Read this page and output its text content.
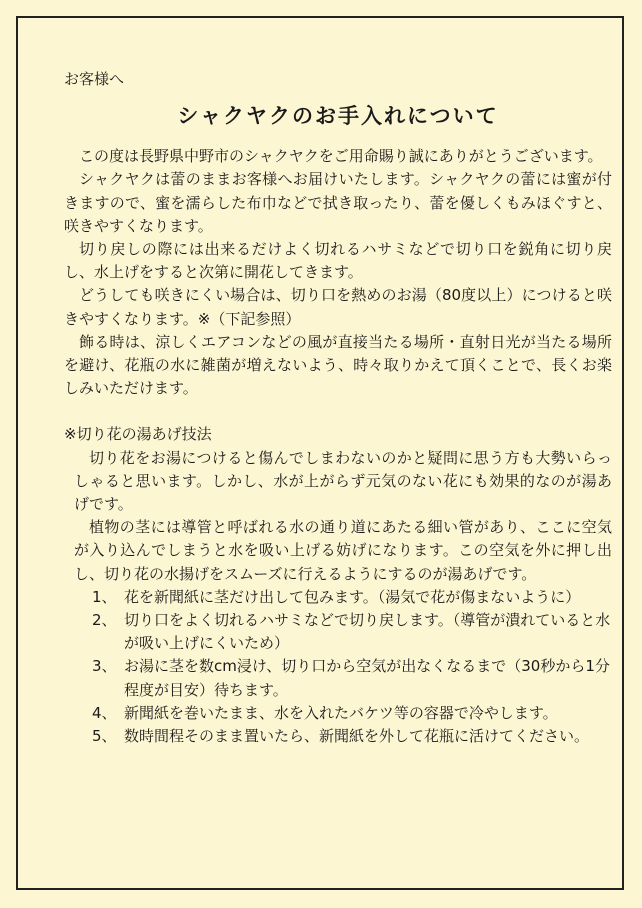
お客様へ

シャクヤクのお手入れについて

この度は長野県中野市のシャクヤクをご用命賜り誠にありがとうございます。

シャクヤクは蕾のままお客様へお届けいたします。シャクヤクの蕾には蜜が付きますので、蜜を濡らした布巾などで拭き取ったり、蕾を優しくもみほぐすと、咲きやすくなります。

切り戻しの際には出来るだけよく切れるハサミなどで切り口を鋭角に切り戻し、水上げをすると次第に開花してきます。

どうしても咲きにくい場合は、切り口を熱めのお湯（80度以上）につけると咲きやすくなります。※（下記参照）

飾る時は、涼しくエアコンなどの風が直接当たる場所・直射日光が当たる場所を避け、花瓶の水に雑菌が増えないよう、時々取りかえて頂くことで、長くお楽しみいただけます。

※切り花の湯あげ技法

切り花をお湯につけると傷んでしまわないのかと疑問に思う方も大勢いらっしゃると思います。しかし、水が上がらず元気のない花にも効果的なのが湯あげです。

植物の茎には導管と呼ばれる水の通り道にあたる細い管があり、ここに空気が入り込んでしまうと水を吸い上げる妨げになります。この空気を外に押し出し、切り花の水揚げをスムーズに行えるようにするのが湯あげです。

1、 花を新聞紙に茎だけ出して包みます。（湯気で花が傷まないように）
2、 切り口をよく切れるハサミなどで切り戻します。（導管が潰れていると水が吸い上げにくいため）
3、 お湯に茎を数cm浸け、切り口から空気が出なくなるまで（30秒から1分程度が目安）待ちます。
4、 新聞紙を巻いたまま、水を入れたバケツ等の容器で冷やします。
5、 数時間程そのまま置いたら、新聞紙を外して花瓶に活けてください。
